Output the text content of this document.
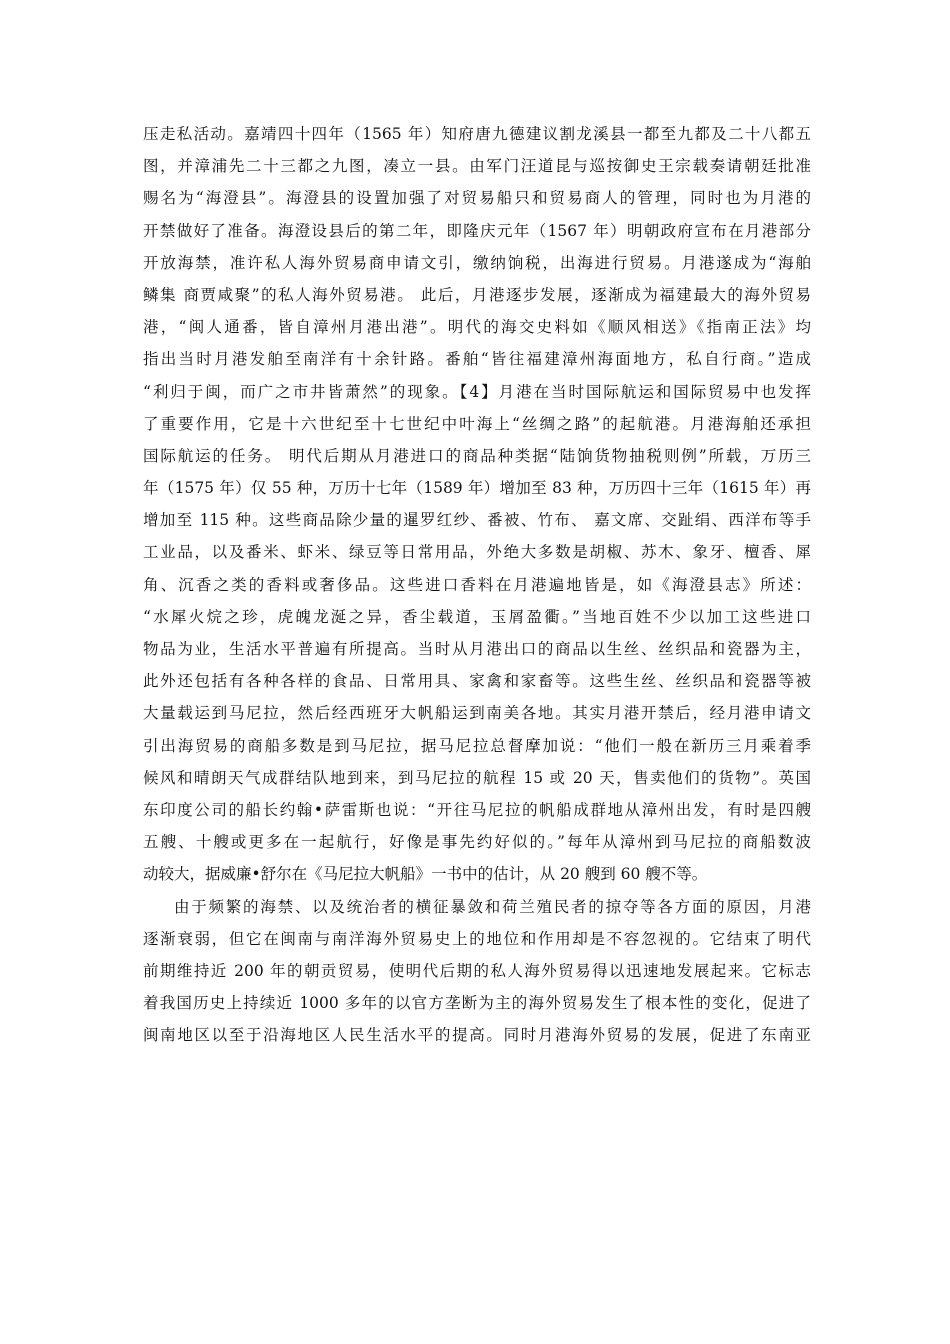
压走私活动。嘉靖四十四年（1565 年）知府唐九德建议割龙溪县一都至九都及二十八都五
图，并漳浦先二十三都之九图，凑立一县。由军门汪道昆与巡按御史王宗载奏请朝廷批准
赐名为“海澄县”。海澄县的设置加强了对贸易船只和贸易商人的管理，同时也为月港的
开禁做好了准备。海澄设县后的第二年，即隆庆元年（1567 年）明朝政府宣布在月港部分
开放海禁，准许私人海外贸易商申请文引，缴纳饷税，出海进行贸易。月港遂成为“海舶
鳞集 商贾咸聚”的私人海外贸易港。 此后，月港逐步发展，逐渐成为福建最大的海外贸易
港，“闽人通番，皆自漳州月港出港”。明代的海交史料如《顺风相送》《指南正法》均
指出当时月港发舶至南洋有十余针路。番舶“皆往福建漳州海面地方，私自行商。”造成
“利归于闽，而广之市井皆萧然”的现象。【4】月港在当时国际航运和国际贸易中也发挥
了重要作用，它是十六世纪至十七世纪中叶海上“丝绸之路”的起航港。月港海舶还承担
国际航运的任务。 明代后期从月港进口的商品种类据“陆饷货物抽税则例”所载，万历三
年（1575 年）仅 55 种，万历十七年（1589 年）增加至 83 种，万历四十三年（1615 年）再
增加至 115 种。这些商品除少量的暹罗红纱、番被、竹布、 嘉文席、交趾绢、西洋布等手
工业品，以及番米、虾米、绿豆等日常用品，外绝大多数是胡椒、苏木、象牙、檀香、犀
角、沉香之类的香料或奢侈品。这些进口香料在月港遍地皆是，如《海澄县志》所述：
“水犀火烷之珍，虎魄龙涎之异，香尘载道，玉屑盈衢。”当地百姓不少以加工这些进口
物品为业，生活水平普遍有所提高。当时从月港出口的商品以生丝、丝织品和瓷器为主，
此外还包括有各种各样的食品、日常用具、家禽和家畜等。这些生丝、丝织品和瓷器等被
大量载运到马尼拉，然后经西班牙大帆船运到南美各地。其实月港开禁后，经月港申请文
引出海贸易的商船多数是到马尼拉，据马尼拉总督摩加说：“他们一般在新历三月乘着季
候风和晴朗天气成群结队地到来，到马尼拉的航程 15 或 20 天，售卖他们的货物”。英国
东印度公司的船长约翰•萨雷斯也说：“开往马尼拉的帆船成群地从漳州出发，有时是四艘
五艘、十艘或更多在一起航行，好像是事先约好似的。”每年从漳州到马尼拉的商船数波
动较大，据威廉•舒尔在《马尼拉大帆船》一书中的估计，从 20 艘到 60 艘不等。
由于频繁的海禁、以及统治者的横征暴敛和荷兰殖民者的掠夺等各方面的原因，月港
逐渐衰弱，但它在闽南与南洋海外贸易史上的地位和作用却是不容忽视的。它结束了明代
前期维持近 200 年的朝贡贸易，使明代后期的私人海外贸易得以迅速地发展起来。它标志
着我国历史上持续近 1000 多年的以官方垄断为主的海外贸易发生了根本性的变化，促进了
闽南地区以至于沿海地区人民生活水平的提高。同时月港海外贸易的发展，促进了东南亚
